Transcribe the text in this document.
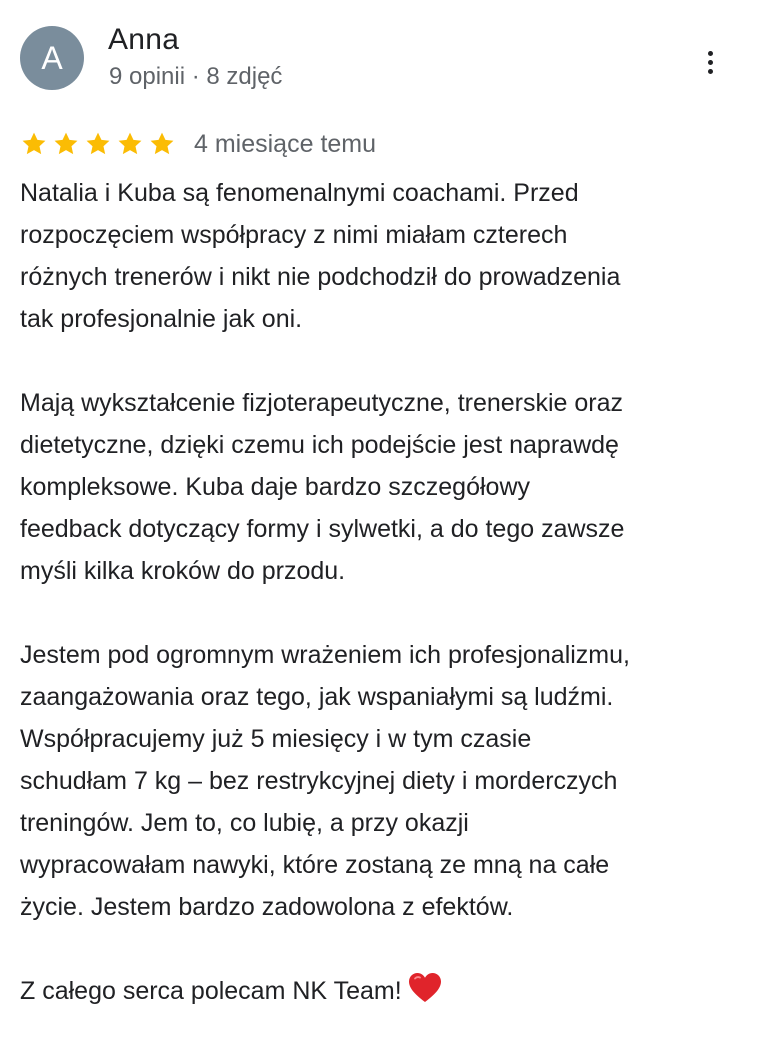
A
Anna
9 opinii · 8 zdjęć
4 miesiące temu

Natalia i Kuba są fenomenalnymi coachami. Przed
rozpoczęciem współpracy z nimi miałam czterech
różnych trenerów i nikt nie podchodził do prowadzenia
tak profesjonalnie jak oni.

Mają wykształcenie fizjoterapeutyczne, trenerskie oraz
dietetyczne, dzięki czemu ich podejście jest naprawdę
kompleksowe. Kuba daje bardzo szczegółowy
feedback dotyczący formy i sylwetki, a do tego zawsze
myśli kilka kroków do przodu.

Jestem pod ogromnym wrażeniem ich profesjonalizmu,
zaangażowania oraz tego, jak wspaniałymi są ludźmi.
Współpracujemy już 5 miesięcy i w tym czasie
schudłam 7 kg – bez restrykcyjnej diety i morderczych
treningów. Jem to, co lubię, a przy okazji
wypracowałam nawyki, które zostaną ze mną na całe
życie. Jestem bardzo zadowolona z efektów.

Z całego serca polecam NK Team!
